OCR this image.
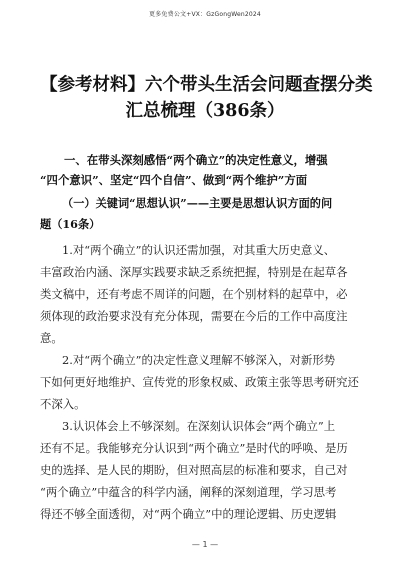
更多免费公文+VX：GzGongWen2024
【参考材料】六个带头生活会问题查摆分类
汇总梳理（386条）
一、在带头深刻感悟“两个确立”的决定性意义，增强
“四个意识”、坚定“四个自信”、做到“两个维护”方面
（一）关键词“思想认识”——主要是思想认识方面的问
题（16条）

1.对“两个确立”的认识还需加强，对其重大历史意义、
丰富政治内涵、深厚实践要求缺乏系统把握，特别是在起草各
类文稿中，还有考虑不周详的问题，在个别材料的起草中，必
须体现的政治要求没有充分体现，需要在今后的工作中高度注
意。

2.对“两个确立”的决定性意义理解不够深入，对新形势
下如何更好地维护、宣传党的形象权威、政策主张等思考研究还
不深入。

3.认识体会上不够深刻。在深刻认识体会“两个确立”上
还有不足。我能够充分认识到“两个确立”是时代的呼唤、是历
史的选择、是人民的期盼，但对照高层的标准和要求，自己对
“两个确立”中蕴含的科学内涵，阐释的深刻道理，学习思考
得还不够全面透彻，对“两个确立”中的理论逻辑、历史逻辑

— 1 —
